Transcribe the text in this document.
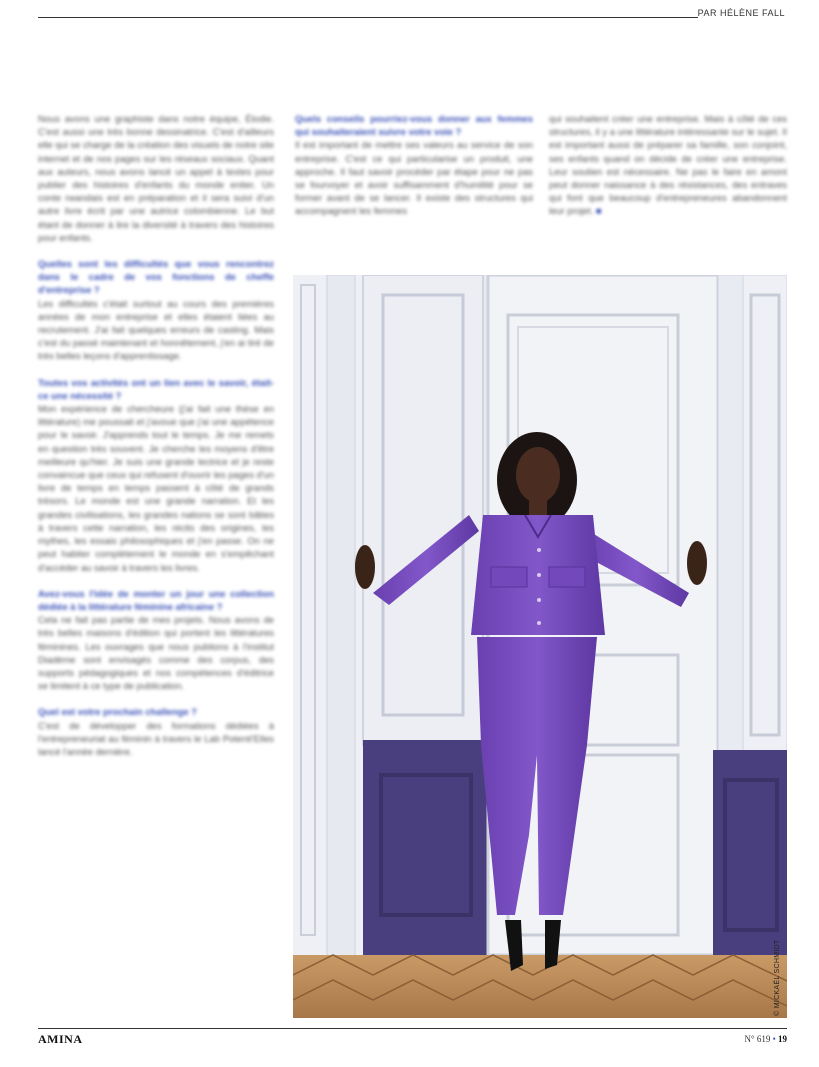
PAR HÉLÈNE FALL

Nous avons une graphiste dans notre équipe, Élodie. C'est aussi une très bonne dessinatrice. C'est d'ailleurs elle qui se charge de la création des visuels de notre site internet et de nos pages sur les réseaux sociaux. Quant aux auteurs, nous avons lancé un appel à textes pour publier des histoires d'enfants du monde entier. Un conte rwandais est en préparation et il sera suivi d'un autre livre écrit par une autrice colombienne. Le but étant de donner à lire la diversité à travers des histoires pour enfants.

Quelles sont les difficultés que vous rencontrez dans le cadre de vos fonctions de cheffe d'entreprise ?

Les difficultés c'était surtout au cours des premières années de mon entreprise et elles étaient liées au recrutement. J'ai fait quelques erreurs de casting. Mais c'est du passé maintenant et honnêtement, j'en ai tiré de très belles leçons d'apprentissage.

Toutes vos activités ont un lien avec le savoir, était-ce une nécessité ?

Mon expérience de chercheure (j'ai fait une thèse en littérature) me poussait et j'avoue que j'ai une appétence pour le savoir. J'apprends tout le temps. Je me remets en question très souvent. Je cherche les moyens d'être meilleure qu'hier. Je suis une grande lectrice et je reste convaincue que ceux qui refusent d'ouvrir les pages d'un livre de temps en temps passent à côté de grands trésors. Le monde est une grande narration. Et les grandes civilisations, les grandes nations se sont bâties à travers cette narration, les récits des origines, les mythes, les essais philosophiques et j'en passe. On ne peut habiter complètement le monde en s'empêchant d'accéder au savoir à travers les livres.

Avez-vous l'idée de monter un jour une collection dédiée à la littérature féminine africaine ?

Cela ne fait pas partie de mes projets. Nous avons de très belles maisons d'édition qui portent les littératures féminines. Les ouvrages que nous publions à l'institut Diadème sont envisagés comme des corpus, des supports pédagogiques et nos compétences d'éditrice se limitent à ce type de publication.

Quel est votre prochain challenge ?

C'est de développer des formations dédiées à l'entrepreneuriat au féminin à travers le Lab Potenti'Elles lancé l'année dernière.

Quels conseils pourriez-vous donner aux femmes qui souhaiteraient suivre votre voie ?

Il est important de mettre ses valeurs au service de son entreprise. C'est ce qui particularise un produit, une approche. Il faut savoir procéder par étape pour ne pas se fourvoyer et avoir suffisamment d'humilité pour se former avant de se lancer. Il existe des structures qui accompagnent les femmes

qui souhaitent créer une entreprise. Mais à côté de ces structures, il y a une littérature intéressante sur le sujet. Il est important aussi de préparer sa famille, son conjoint, ses enfants quand on décide de créer une entreprise. Leur soutien est nécessaire. Ne pas le faire en amont peut donner naissance à des résistances, des entraves qui font que beaucoup d'entrepreneures abandonnent leur projet. ■

© MICKAËL SCHMIDT
AMINA	N° 619 • 19
